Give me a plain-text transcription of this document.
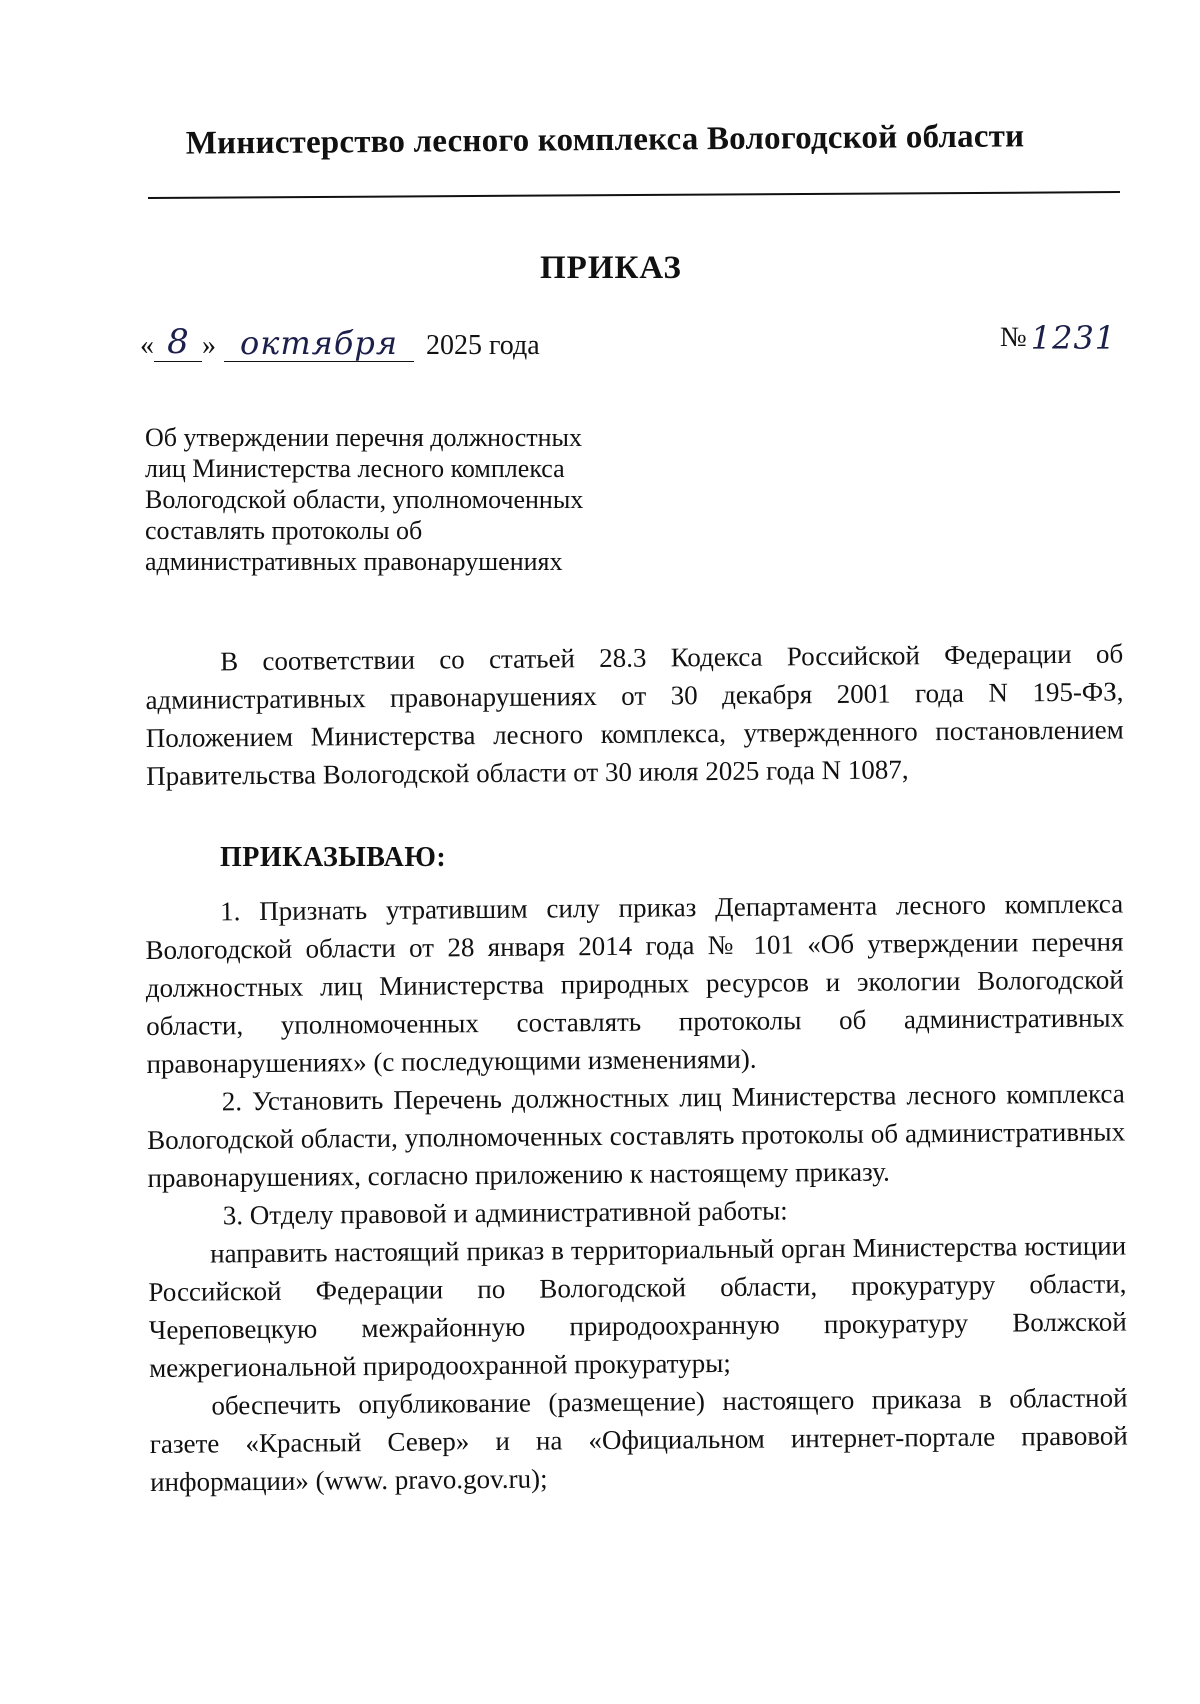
Министерство лесного комплекса Вологодской области
ПРИКАЗ
« 8 » октября 2025 года	№ 1231
Об утверждении перечня должностных
лиц Министерства лесного комплекса
Вологодской области, уполномоченных
составлять протоколы об
административных правонарушениях

В соответствии со статьей 28.3 Кодекса Российской Федерации об административных правонарушениях от 30 декабря 2001 года N 195-ФЗ, Положением Министерства лесного комплекса, утвержденного постановлением Правительства Вологодской области от 30 июля 2025 года N 1087,

ПРИКАЗЫВАЮ:

1. Признать утратившим силу приказ Департамента лесного комплекса Вологодской области от 28 января 2014 года № 101 «Об утверждении перечня должностных лиц Министерства природных ресурсов и экологии Вологодской области, уполномоченных составлять протоколы об административных правонарушениях» (с последующими изменениями).

2. Установить Перечень должностных лиц Министерства лесного комплекса Вологодской области, уполномоченных составлять протоколы об административных правонарушениях, согласно приложению к настоящему приказу.

3. Отделу правовой и административной работы:

направить настоящий приказ в территориальный орган Министерства юстиции Российской Федерации по Вологодской области, прокуратуру области, Череповецкую межрайонную природоохранную прокуратуру Волжской межрегиональной природоохранной прокуратуры;

обеспечить опубликование (размещение) настоящего приказа в областной газете «Красный Север» и на «Официальном интернет-портале правовой информации» (www. pravo.gov.ru);
